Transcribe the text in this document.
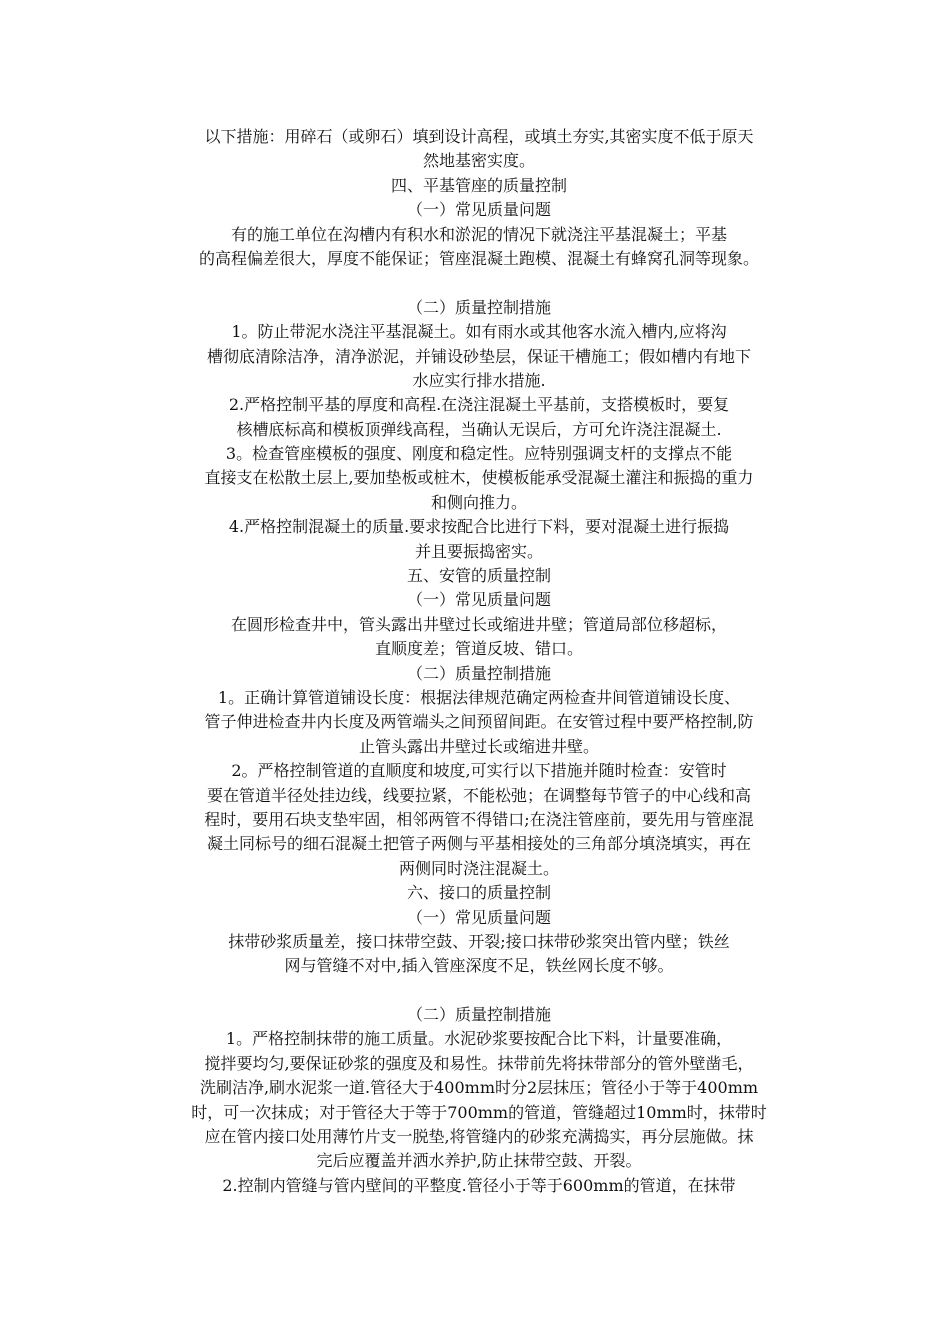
以下措施：用碎石（或卵石）填到设计高程，或填土夯实,其密实度不低于原天
然地基密实度。
四、平基管座的质量控制
（一）常见质量问题
有的施工单位在沟槽内有积水和淤泥的情况下就浇注平基混凝土；平基
的高程偏差很大，厚度不能保证；管座混凝土跑模、混凝土有蜂窝孔洞等现象。
（二）质量控制措施
1。防止带泥水浇注平基混凝土。如有雨水或其他客水流入槽内,应将沟
槽彻底清除洁净，清净淤泥，并铺设砂垫层，保证干槽施工；假如槽内有地下
水应实行排水措施.
2.严格控制平基的厚度和高程.在浇注混凝土平基前，支搭模板时，要复
核槽底标高和模板顶弹线高程，当确认无误后，方可允许浇注混凝土.
3。检查管座模板的强度、刚度和稳定性。应特别强调支杆的支撑点不能
直接支在松散土层上,要加垫板或桩木，使模板能承受混凝土灌注和振捣的重力
和侧向推力。
4.严格控制混凝土的质量.要求按配合比进行下料，要对混凝土进行振捣
并且要振捣密实。
五、安管的质量控制
（一）常见质量问题
在圆形检查井中，管头露出井壁过长或缩进井壁；管道局部位移超标，
直顺度差；管道反坡、错口。
（二）质量控制措施
1。正确计算管道铺设长度：根据法律规范确定两检查井间管道铺设长度、
管子伸进检查井内长度及两管端头之间预留间距。在安管过程中要严格控制,防
止管头露出井壁过长或缩进井壁。
2。严格控制管道的直顺度和坡度,可实行以下措施并随时检查：安管时
要在管道半径处挂边线，线要拉紧，不能松弛；在调整每节管子的中心线和高
程时，要用石块支垫牢固，相邻两管不得错口;在浇注管座前，要先用与管座混
凝土同标号的细石混凝土把管子两侧与平基相接处的三角部分填浇填实，再在
两侧同时浇注混凝土。
六、接口的质量控制
（一）常见质量问题
抹带砂浆质量差，接口抹带空鼓、开裂;接口抹带砂浆突出管内壁；铁丝
网与管缝不对中,插入管座深度不足，铁丝网长度不够。
（二）质量控制措施
1。严格控制抹带的施工质量。水泥砂浆要按配合比下料，计量要准确，
搅拌要均匀,要保证砂浆的强度及和易性。抹带前先将抹带部分的管外壁凿毛，
洗刷洁净,刷水泥浆一道.管径大于400mm时分2层抹压；管径小于等于400mm
时，可一次抹成；对于管径大于等于700mm的管道，管缝超过10mm时，抹带时
应在管内接口处用薄竹片支一脱垫,将管缝内的砂浆充满捣实，再分层施做。抹
完后应覆盖并洒水养护,防止抹带空鼓、开裂。
2.控制内管缝与管内壁间的平整度.管径小于等于600mm的管道，在抹带
